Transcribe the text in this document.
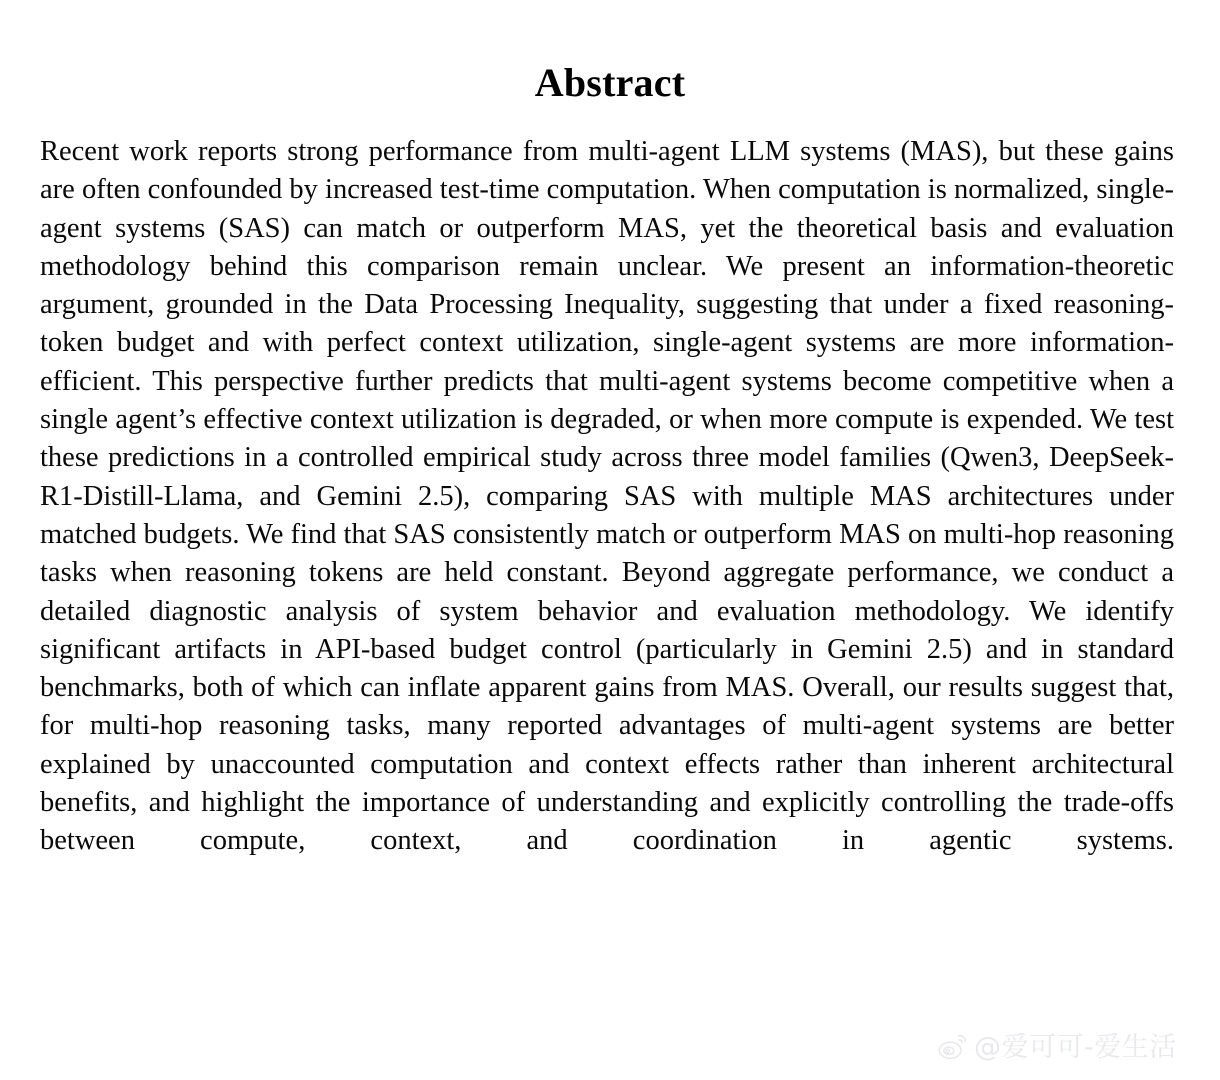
Abstract

Recent work reports strong performance from multi-agent LLM systems (MAS), but these gains are often confounded by increased test-time computation. When computation is normalized, single-agent systems (SAS) can match or outperform MAS, yet the theoretical basis and evaluation methodology behind this comparison remain unclear. We present an information-theoretic argument, grounded in the Data Processing Inequality, suggesting that under a fixed reasoning-token budget and with perfect context utilization, single-agent systems are more information-efficient. This perspective further predicts that multi-agent systems become competitive when a single agent’s effective context utilization is degraded, or when more compute is expended. We test these predictions in a controlled empirical study across three model families (Qwen3, DeepSeek-R1-Distill-Llama, and Gemini 2.5), comparing SAS with multiple MAS architectures under matched budgets. We find that SAS consistently match or outperform MAS on multi-hop reasoning tasks when reasoning tokens are held constant. Beyond aggregate performance, we conduct a detailed diagnostic analysis of system behavior and evaluation methodology. We identify significant artifacts in API-based budget control (particularly in Gemini 2.5) and in standard benchmarks, both of which can inflate apparent gains from MAS. Overall, our results suggest that, for multi-hop reasoning tasks, many reported advantages of multi-agent systems are better explained by unaccounted computation and context effects rather than inherent architectural benefits, and highlight the importance of understanding and explicitly controlling the trade-offs between compute, context, and coordination in agentic systems.

@爱可可-爱生活
